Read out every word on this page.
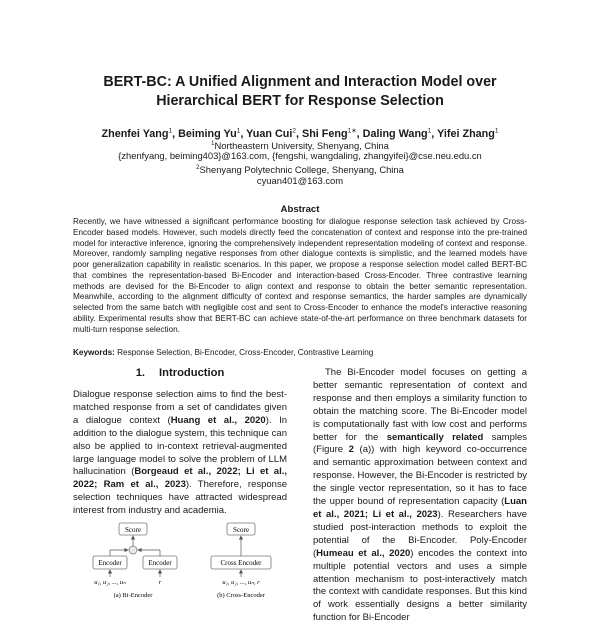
BERT-BC: A Unified Alignment and Interaction Model over
Hierarchical BERT for Response Selection
Zhenfei Yang$^1$, Beiming Yu$^1$, Yuan Cui$^2$, Shi Feng$^{1∗}$, Daling Wang$^1$, Yifei Zhang$^1$
$^1$Northeastern University, Shenyang, China
{zhenfyang, beiming403}@163.com, {fengshi, wangdaling, zhangyifei}@cse.neu.edu.cn
$^2$Shenyang Polytechnic College, Shenyang, China
cyuan401@163.com
Abstract
Recently, we have witnessed a significant performance boosting for dialogue response selection task achieved by Cross-Encoder based models. However, such models directly feed the concatenation of context and response into the pre-trained model for interactive inference, ignoring the comprehensively independent representation modeling of context and response. Moreover, randomly sampling negative responses from other dialogue contexts is simplistic, and the learned models have poor generalization capability in realistic scenarios. In this paper, we propose a response selection model called BERT-BC that combines the representation-based Bi-Encoder and interaction-based Cross-Encoder. Three contrastive learning methods are devised for the Bi-Encoder to align context and response to obtain the better semantic representation. Meanwhile, according to the alignment difficulty of context and response semantics, the harder samples are dynamically selected from the same batch with negligible cost and sent to Cross-Encoder to enhance the model's interactive reasoning ability. Experimental results show that BERT-BC can achieve state-of-the-art performance on three benchmark datasets for multi-turn response selection.
Keywords: Response Selection, Bi-Encoder, Cross-Encoder, Contrastive Learning
1. Introduction
Dialogue response selection aims to find the best-matched response from a set of candidates given a dialogue context (Huang et al., 2020). In addition to the dialogue system, this technique can also be applied to in-context retrieval-augmented large language model to solve the problem of LLM hallucination (Borgeaud et al., 2022; Li et al., 2022; Ram et al., 2023). Therefore, response selection techniques have attracted widespread interest from industry and academia.
The Bi-Encoder model focuses on getting a better semantic representation of context and response and then employs a similarity function to obtain the matching score. The Bi-Encoder model is computationally fast with low cost and performs better for the semantically related samples (Figure 2 (a)) with high keyword co-occurrence and semantic approximation between context and response. However, the Bi-Encoder is restricted by the single vector representation, so it has to face the upper bound of representation capacity (Luan et al., 2021; Li et al., 2023). Researchers have studied post-interaction methods to exploit the potential of the Bi-Encoder. Poly-Encoder (Humeau et al., 2020) encodes the context into multiple potential vectors and uses a simple attention mechanism to post-interactively match the context with candidate responses. But this kind of work essentially designs a better similarity function for Bi-Encoder
Score
Encoder	Encoder
u₁, u₂, ..., uₙ	r
(a) Bi-Encoder
Score
Cross Encoder
u₁, u₂, ..., uₙ, r
(b) Cross-Encoder
